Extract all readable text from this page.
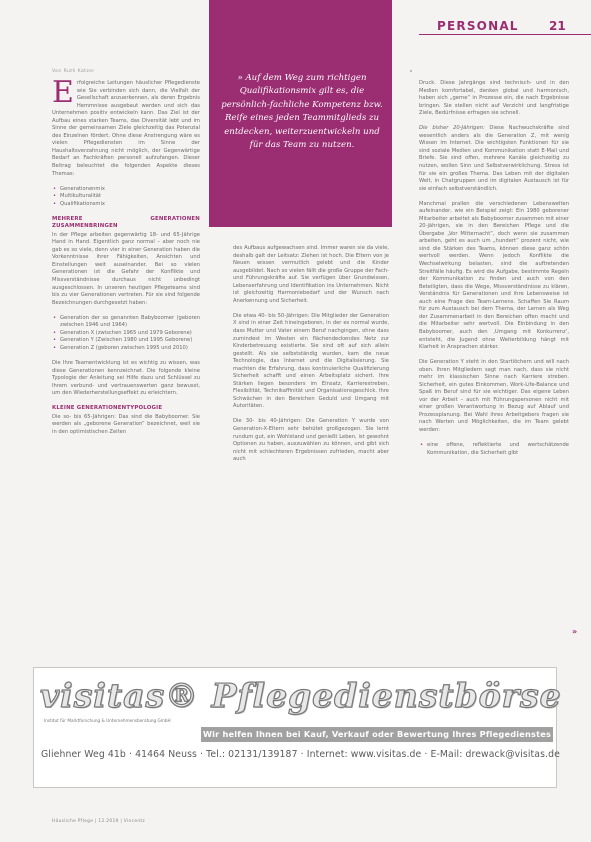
» Auf dem Weg zum richtigen Qualifikationsmix gilt es, die persönlich-fachliche Kompetenz bzw. Reife eines jeden Teammitglieds zu entdecken, weiterzuentwickeln und für das Team zu nutzen.
PERSONAL	21
Von Ruth Katzer

Erfolgreiche Leitungen häuslicher Pflegedienste wie Sie verbinden sich dann, die Vielfalt der Gesellschaft anzuerkennen, als deren Ergebnis Hemmnisse ausgebaut werden und sich das Unternehmen positiv entwickeln kann. Das Ziel ist der Aufbau eines starken Teams, das Diversität lebt und im Sinne der gemeinsamen Ziele gleichzeitig das Potenzial des Einzelnen fördert. Ohne diese Anstrengung wäre es vielen Pflegediensten im Sinne der Haushaltsverzahnung nicht möglich, der Gegenwärtige Bedarf an Fachkräften personell aufzufangen. Dieser Beitrag beleuchtet die folgenden Aspekte dieses Themas:

• Generationenmix
• Multikulturalität
• Qualifikationsmix
MEHRERE GENERATIONEN ZUSAMMENBRINGEN

In der Pflege arbeiten gegenwärtig 18- und 65-Jährige Hand in Hand. Eigentlich ganz normal – aber noch nie gab es so viele, denn vier in einer Generation haben die Vorkenntnisse ihrer Fähigkeiten, Ansichten und Einstellungen weit auseinander. Bei so vielen Generationen ist die Gefahr der Konflikte und Missverständnisse durchaus nicht unbedingt ausgeschlossen. In unseren heutigen Pflegeteams sind bis zu vier Generationen vertreten. Für sie sind folgende Bezeichnungen durchgesetzt haben:

• Generation der so genannten Babyboomer (geboren zwischen 1946 und 1964)
• Generation X (zwischen 1965 und 1979 Geborene)
• Generation Y (Zwischen 1980 und 1995 Geborene)
• Generation Z (geboren zwischen 1995 und 2010)

Die Ihre Teamentwicklung ist es wichtig zu wissen, was diese Generationen kennzeichnet. Die folgende kleine Typologie der Anleitung sei Hilfe dazu und Schlüssel zu Ihrem verbund- und vertrauenswerten ganz bewusst, um den Wiederherstellungseffekt zu erleichtern.

KLEINE GENERATIONENTYPOLOGIE

Die so- bis 65-Jährigen: Das sind die Babyboomer. Sie werden als „geborene Generation“ bezeichnet, weil sie in den optimistischen Zeiten

des Aufbaus aufgewachsen sind. Immer waren sie da viele, deshalb galt der Leitsatz: Ziehen ist hoch. Die Eltern von je Neuen wissen vermutlich gelebt und die Kinder ausgebildet. Nach so vielen fällt die große Gruppe der Fach- und Führungskräfte auf. Sie verfügen über Grundwissen, Lebenserfahrung und Identifikation ins Unternehmen. Nicht ist gleichzeitig Harmoniebedarf und der Wunsch nach Anerkennung und Sicherheit.

Die etwa 40- bis 50-Jährigen: Die Mitglieder der Generation X sind in einer Zeit hineingeboren, in der es normal wurde, dass Mutter und Vater einem Beruf nachgingen, ohne dass zumindest im Westen ein flächendeckendes Netz zur Kinderbetreuung existierte. Sie sind oft auf sich allein gestellt. Als sie selbstständig wurden, kam die neue Technologie, das Internet und die Digitalisierung. Sie machten die Erfahrung, dass kontinuierliche Qualifizierung Sicherheit schafft und einen Arbeitsplatz sichert. Ihre Stärken liegen besonders im Einsatz, Karrierestreben, Flexibilität, Technikaffinität und Organisationsgeschick. Ihre Schwächen in den Bereichen Geduld und Umgang mit Autoritäten.

Die 30- bis 40-Jährigen: Die Generation Y wurde von Generation-X-Eltern sehr behütet großgezogen. Sie lernt rundum gut, ein Wohlstand und genießt Leben, ist gewohnt Optionen zu haben, auszuwählen zu können, und gibt sich nicht mit schlechteren Ergebnissen zufrieden, macht aber auch

Druck. Diese Jahrgänge sind technisch- und in den Medien komfortabel, denken global und harmonisch, haben sich „gerne“ in Prozesse ein, die nach Ergebnisse bringen. Sie stellen nicht auf Verzicht und langfristige Ziele, Bedürfnisse erfragen sie schnell.

Die bisher 20-Jährigen: Diese Nachwuchskräfte sind wesentlich anders als die Generation Z, mit wenig Wissen im Internet. Die wichtigsten Funktionen für sie sind soziale Medien und Kommunikation statt E-Mail und Briefe. Sie sind offen, mehrere Kanäle gleichzeitig zu nutzen, wollen Sinn und Selbstverwirklichung. Stress ist für sie ein großes Thema. Das Leben mit der digitalen Welt, in Chatgruppen und im digitalen Austausch ist für sie einfach selbstverständlich.

Manchmal prallen die verschiedenen Lebenswelten aufeinander, wie ein Beispiel zeigt: Ein 1980 geborener Mitarbeiter arbeitet als Babyboomer zusammen mit einer 20-jährigen, sie in den Bereichen Pflege und die Übergabe „Vor Mitternacht“, doch wenn sie zusammen arbeiten, geht es auch um „hundert“ prozent nicht, wie sind die Stärken des Teams, können diese ganz schön wertvoll werden. Wenn jedoch Konflikte die Wechselwirkung belasten, sind die auftretenden Streitfälle häufig. Es wird die Aufgabe, bestimmte Regeln der Kommunikation zu finden und auch von den Beteiligten, dass die Wege, Missverständnisse zu klären, Verständnis für Generationen und ihre Lebensweise ist auch eine Frage des Team-Lernens. Schaffen Sie Raum für zum Austausch bei dem Thema, der Lernen als Weg der Zusammenarbeit in den Bereichen offen macht und die Mitarbeiter sehr wertvoll. Die Einbindung in den Babyboomer, auch den ‚Umgang mit Konkurrenz‘, entsteht, die Jugend ohne Weiterbildung hängt mit Klarheit in Ansprachen stärker.

Die Generation Y steht in den Startlöchern und will nach oben. Ihren Mitgliedern sagt man nach, dass sie nicht mehr im klassischen Sinne nach Karriere streben. Sicherheit, ein gutes Einkommen, Work-Life-Balance und Spaß im Beruf sind für sie wichtiger. Das eigene Leben vor der Arbeit – auch mit Führungspersonen nicht mit einer großen Verantwortung in Bezug auf Ablauf und Prozessplanung. Bei Wahl ihres Arbeitgebers fragen sie nach Werten und Möglichkeiten, die im Team gelebt werden:

• eine offene, reflektierte und wertschätzende Kommunikation, die Sicherheit gibt
»
visitas® Pflegedienstbörse
Institut für Marktforschung & Unternehmensberatung GmbH
Wir helfen Ihnen bei Kauf, Verkauf oder Bewertung Ihres Pflegedienstes
Gliehner Weg 41b · 41464 Neuss · Tel.: 02131/139187 · Internet: www.visitas.de · E-Mail: drewack@visitas.de
Häusliche Pflege | 12.2019 | Vincentz
